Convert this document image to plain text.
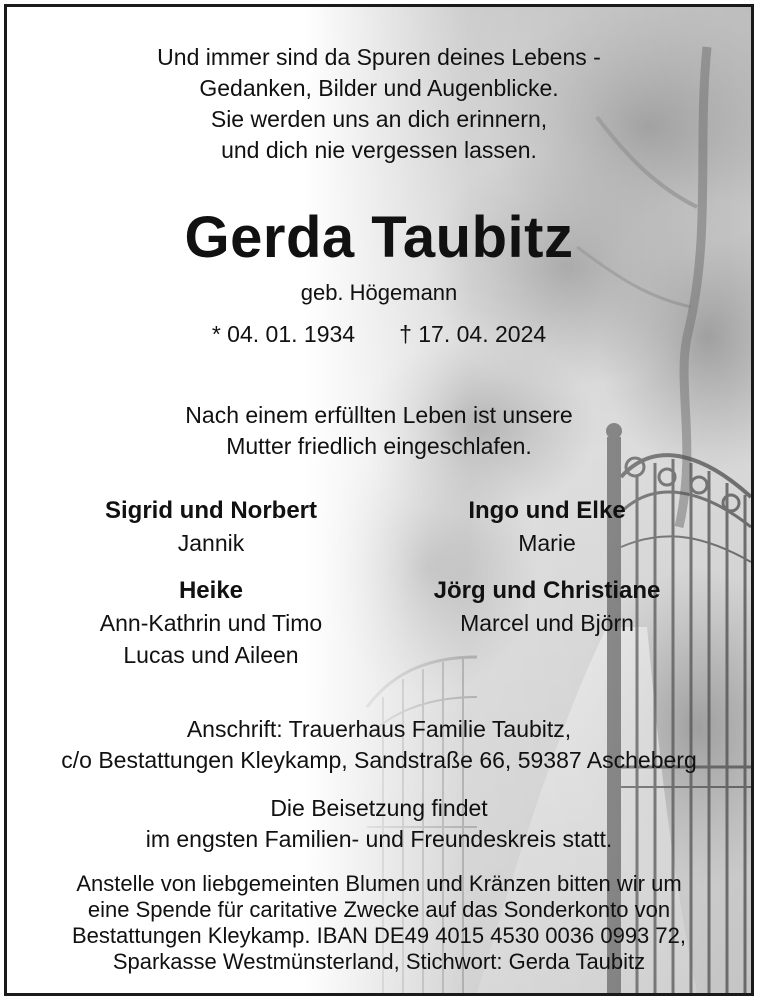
Und immer sind da Spuren deines Lebens -
Gedanken, Bilder und Augenblicke.
Sie werden uns an dich erinnern,
und dich nie vergessen lassen.
Gerda Taubitz
geb. Högemann
* 04. 01. 1934 † 17. 04. 2024
Nach einem erfüllten Leben ist unsere
Mutter friedlich eingeschlafen.
Sigrid und Norbert
Jannik
Ingo und Elke
Marie
Heike
Ann-Kathrin und Timo
Lucas und Aileen
Jörg und Christiane
Marcel und Björn
Anschrift: Trauerhaus Familie Taubitz,
c/o Bestattungen Kleykamp, Sandstraße 66, 59387 Ascheberg
Die Beisetzung findet
im engsten Familien- und Freundeskreis statt.
Anstelle von liebgemeinten Blumen und Kränzen bitten wir um
eine Spende für caritative Zwecke auf das Sonderkonto von
Bestattungen Kleykamp. IBAN DE49 4015 4530 0036 0993 72,
Sparkasse Westmünsterland, Stichwort: Gerda Taubitz
